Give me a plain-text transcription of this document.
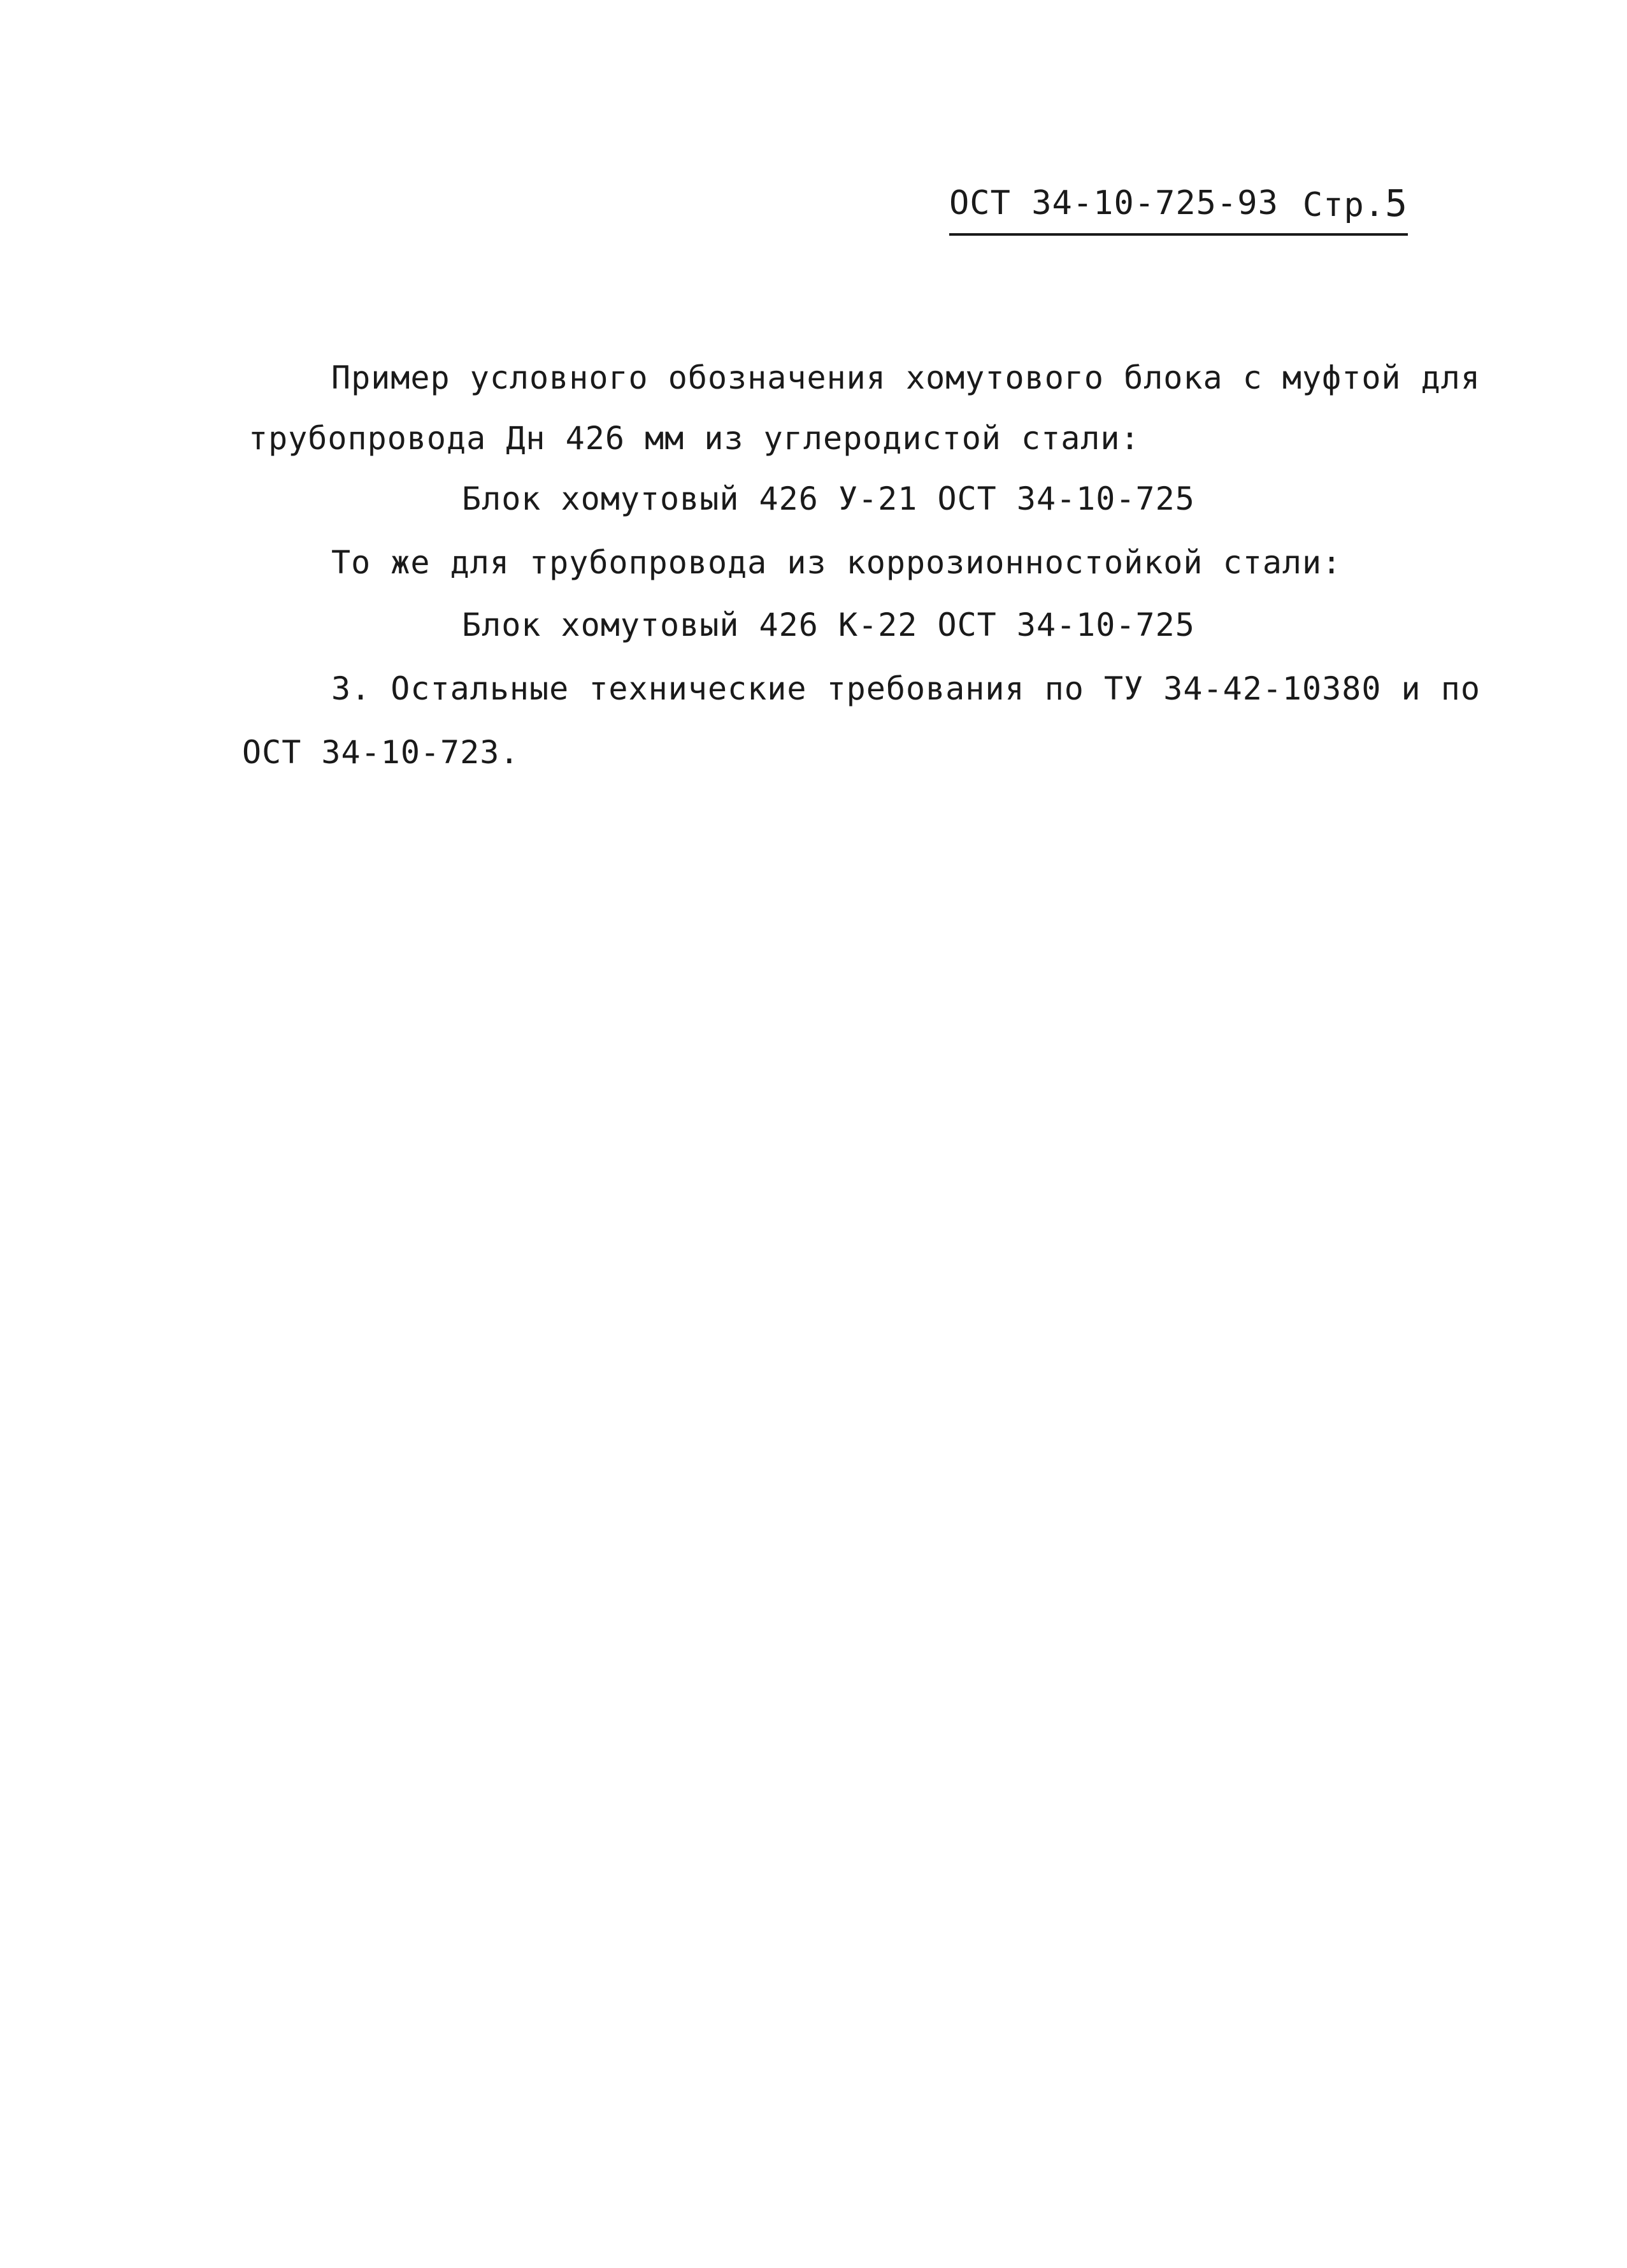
ОСТ 34-10-725-93 Стр.5
Пример условного обозначения хомутового блока с муфтой для
трубопровода Дн 426 мм из углеродистой стали:
Блок хомутовый 426 У-21 ОСТ 34-10-725
То же для трубопровода из коррозионностойкой стали:
Блок хомутовый 426 К-22 ОСТ 34-10-725
3. Остальные технические требования по ТУ 34-42-10380 и по
ОСТ 34-10-723.
